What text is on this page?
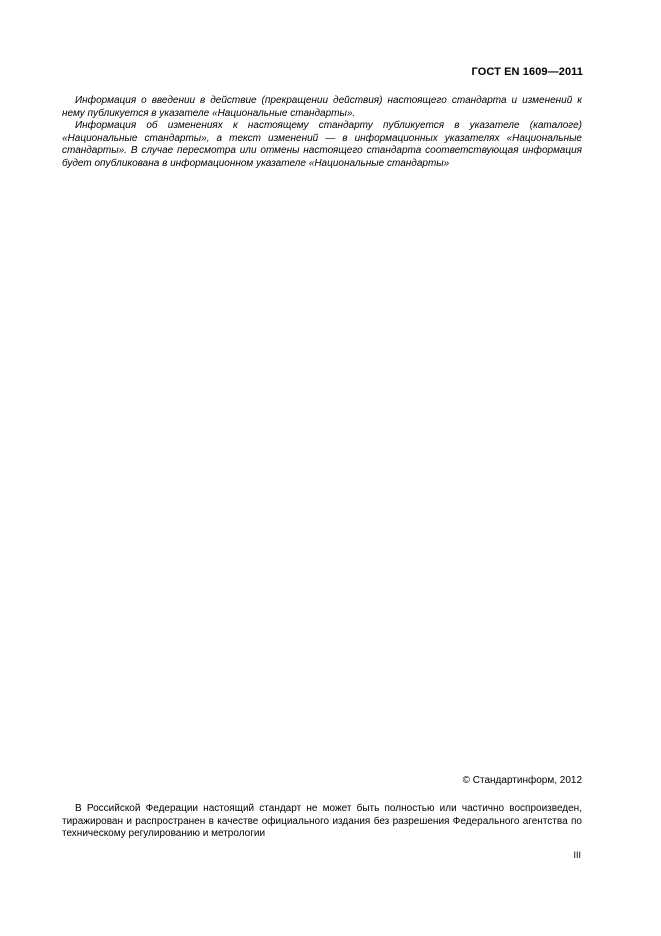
ГОСТ EN 1609—2011

Информация о введении в действие (прекращении действия) настоящего стандарта и изменений к нему публикуется в указателе «Национальные стандарты».

Информация об изменениях к настоящему стандарту публикуется в указателе (каталоге) «Национальные стандарты», а текст изменений — в информационных указателях «Национальные стандарты». В случае пересмотра или отмены настоящего стандарта соответствующая информация будет опубликована в информационном указателе «Национальные стандарты»

© Стандартинформ, 2012

В Российской Федерации настоящий стандарт не может быть полностью или частично воспроизведен, тиражирован и распространен в качестве официального издания без разрешения Федерального агентства по техническому регулированию и метрологии

III
